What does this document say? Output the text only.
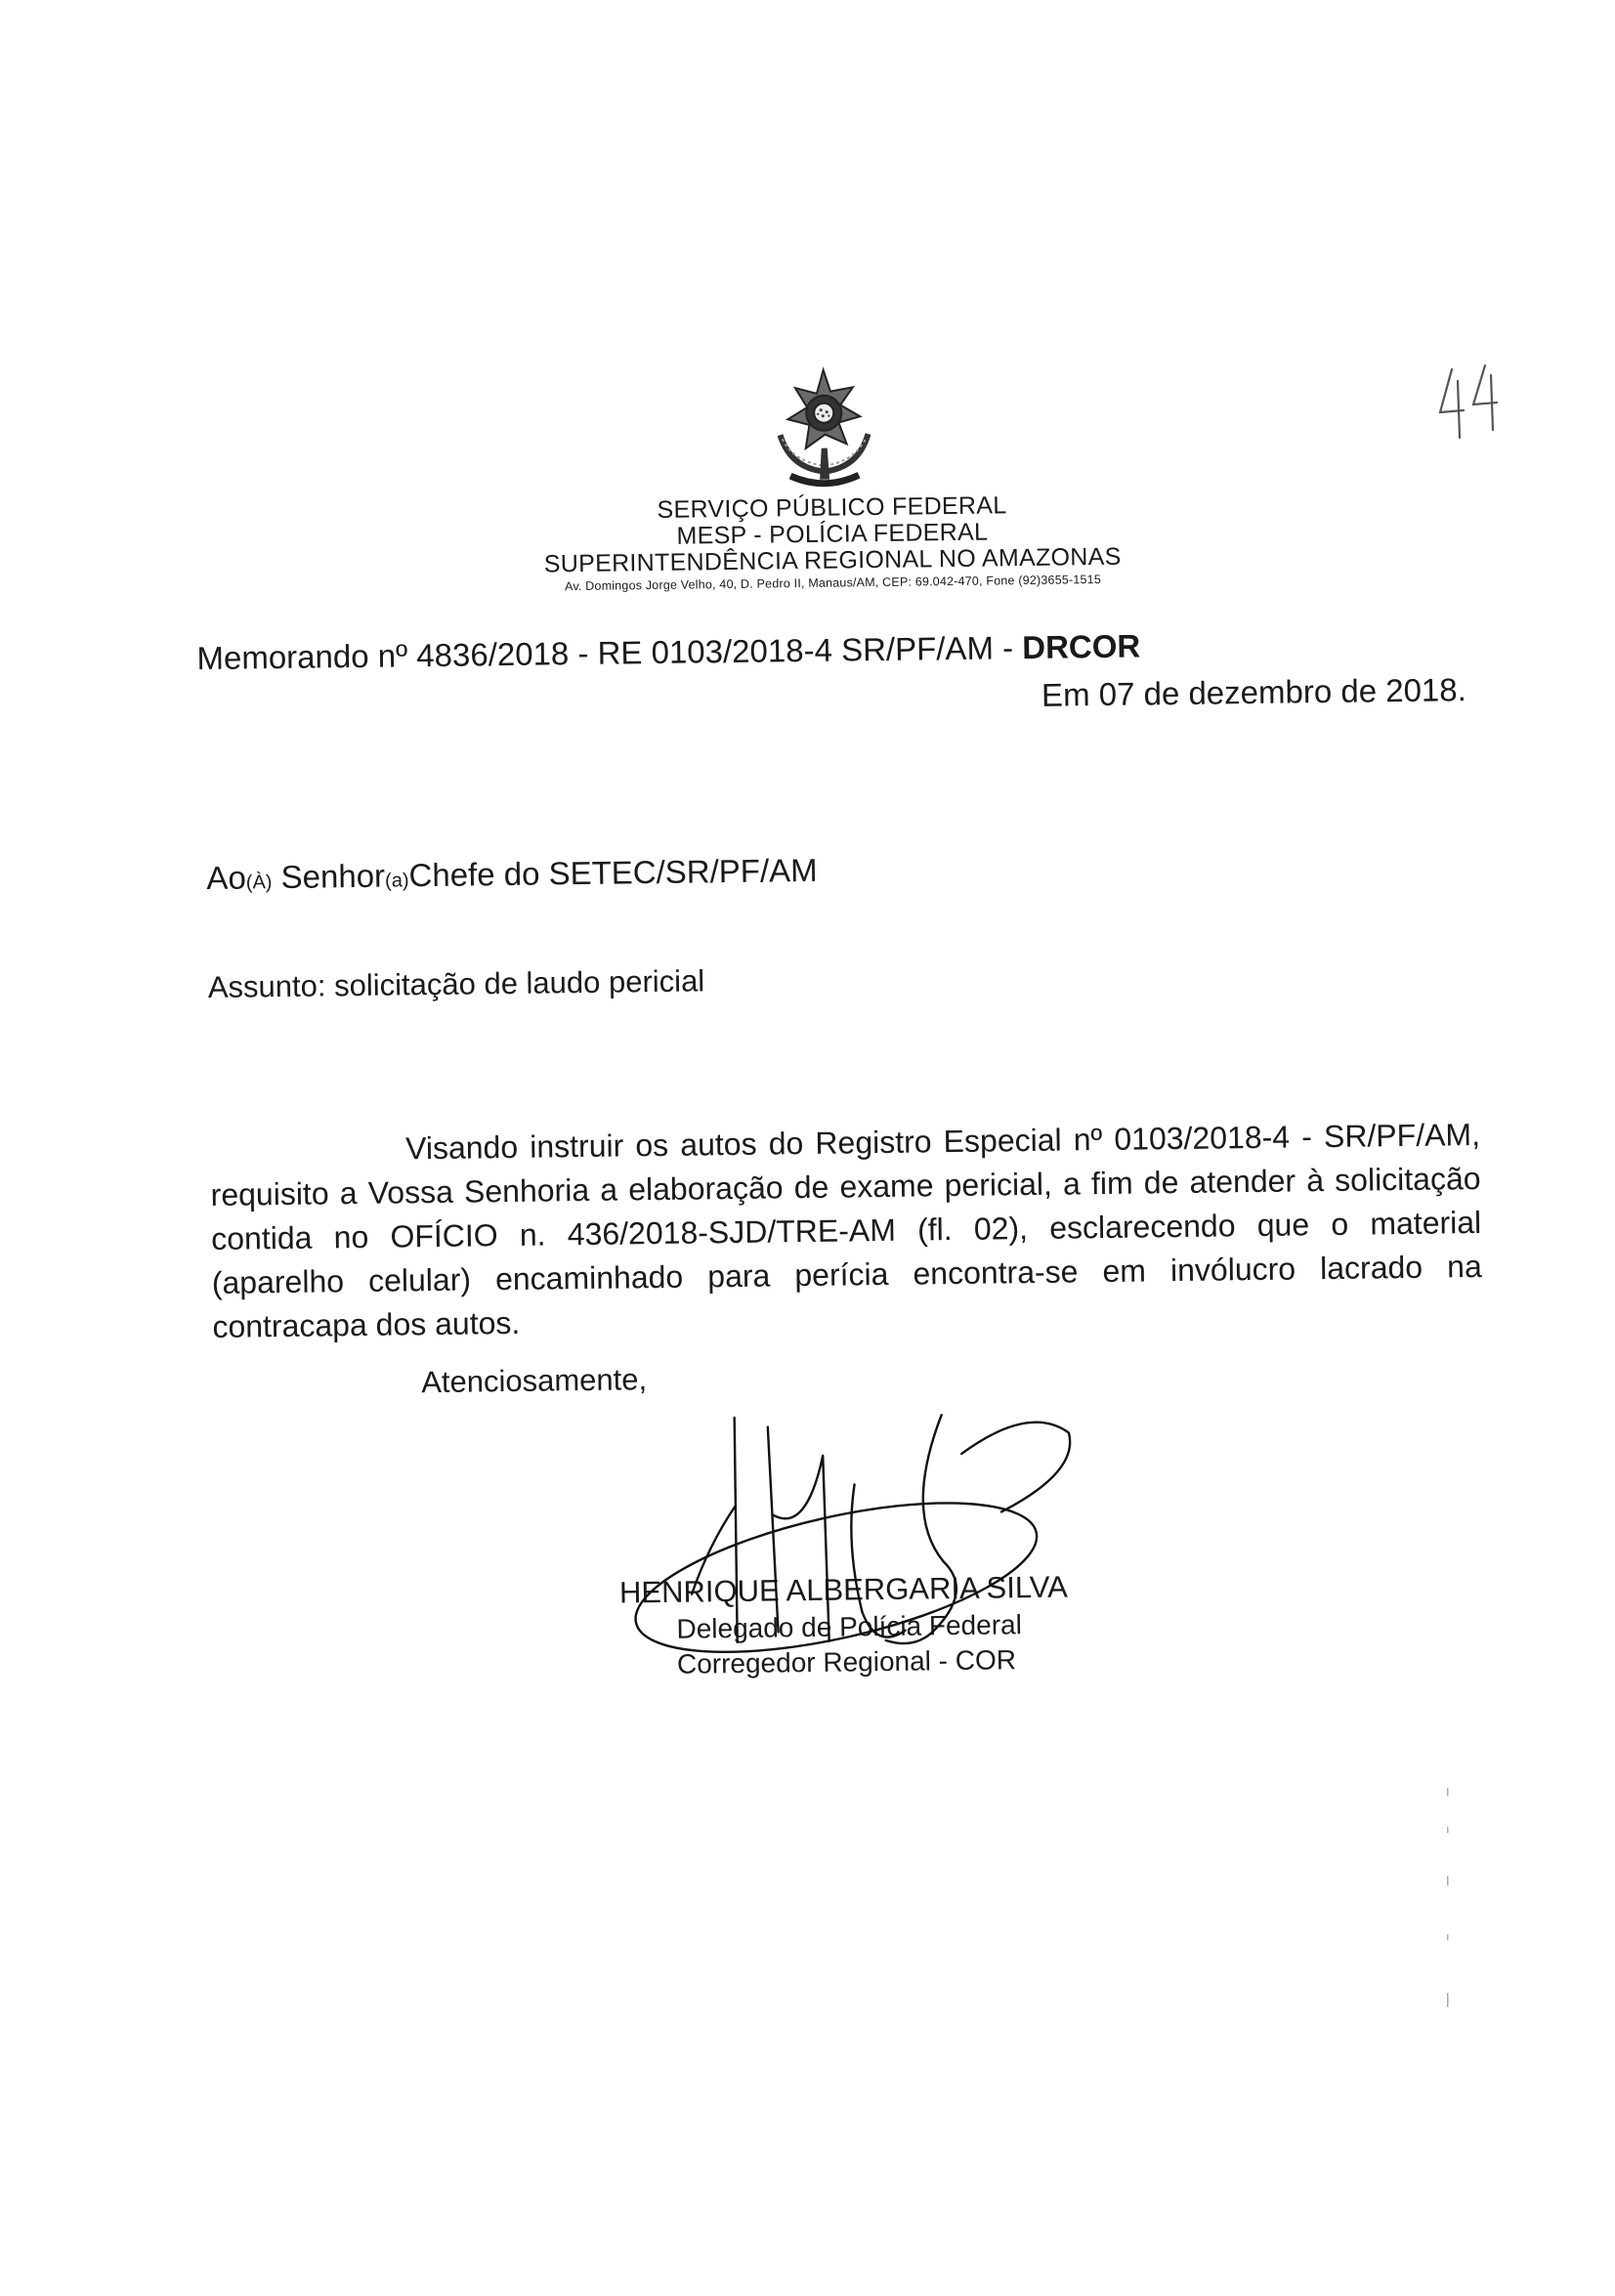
SERVIÇO PÚBLICO FEDERAL
MESP - POLÍCIA FEDERAL
SUPERINTENDÊNCIA REGIONAL NO AMAZONAS
Av. Domingos Jorge Velho, 40, D. Pedro II, Manaus/AM, CEP: 69.042-470, Fone (92)3655-1515
Memorando nº 4836/2018 - RE 0103/2018-4 SR/PF/AM - DRCOR
Em 07 de dezembro de 2018.
Ao(À) Senhor(a)Chefe do SETEC/SR/PF/AM
Assunto: solicitação de laudo pericial
Visando instruir os autos do Registro Especial nº 0103/2018-4 - SR/PF/AM, requisito a Vossa Senhoria a elaboração de exame pericial, a fim de atender à solicitação contida no OFÍCIO n. 436/2018-SJD/TRE-AM (fl. 02), esclarecendo que o material (aparelho celular) encaminhado para perícia encontra-se em invólucro lacrado na contracapa dos autos.
Atenciosamente,
HENRIQUE ALBERGARIA SILVA
Delegado de Polícia Federal
Corregedor Regional - COR
